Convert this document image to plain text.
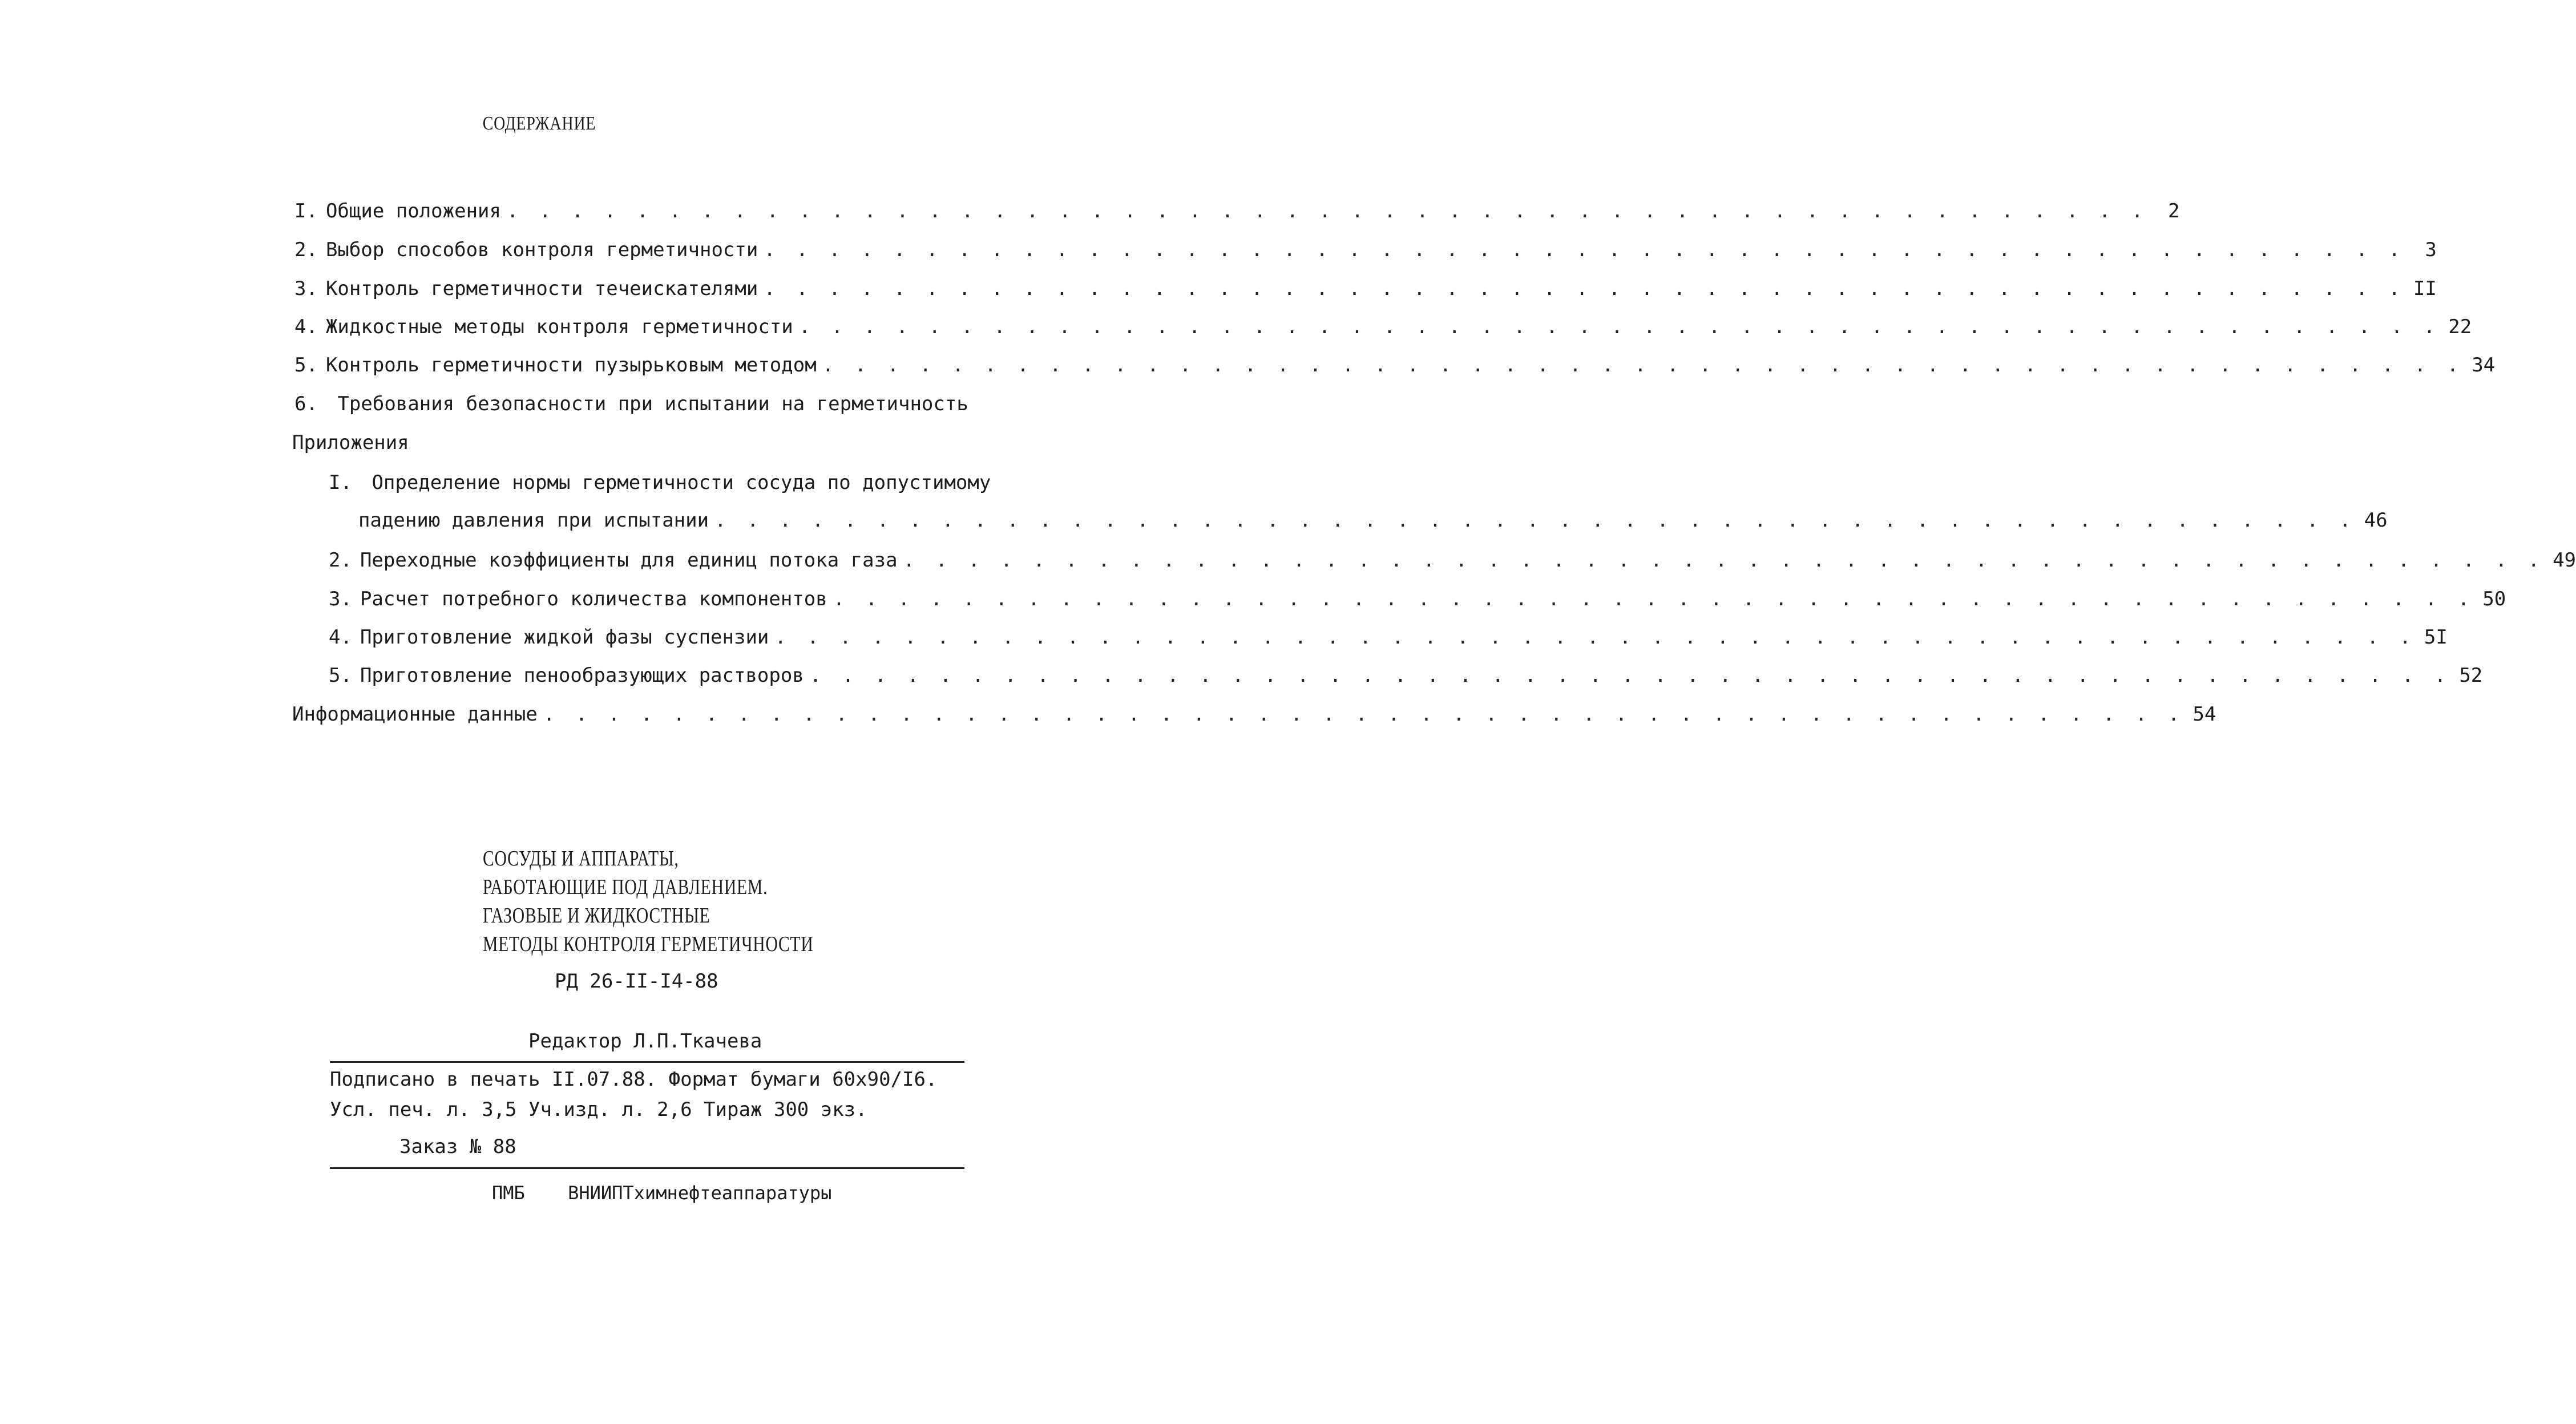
СОДЕРЖАНИЕ
I. Общие положения . . . . . . . . . . . . . . . . . . . . . . . . . . . . . . . . . . . . . . . . . . . . . . . . . . .	2
2. Выбор способов контроля герметичности . . . . . . . . . . . . . . . . . . . . . . . . . . . . . . . . . . . . . . . . . . . . . . . . . . .	3
3. Контроль герметичности течеискателями . . . . . . . . . . . . . . . . . . . . . . . . . . . . . . . . . . . . . . . . . . . . . . . . . . . II
4. Жидкостные методы контроля герметичности . . . . . . . . . . . . . . . . . . . . . . . . . . . . . . . . . . . . . . . . . . . . . . . . . . . 22
5. Контроль герметичности пузырьковым методом . . . . . . . . . . . . . . . . . . . . . . . . . . . . . . . . . . . . . . . . . . . . . . . . . . . 34
6. Требования безопасности при испытании на герметичность
Приложения
I. Определение нормы герметичности сосуда по допустимому
падению давления при испытании . . . . . . . . . . . . . . . . . . . . . . . . . . . . . . . . . . . . . . . . . . . . . . . . . . . 46
2. Переходные коэффициенты для единиц потока газа . . . . . . . . . . . . . . . . . . . . . . . . . . . . . . . . . . . . . . . . . . . . . . . . . . . 49
3. Расчет потребного количества компонентов . . . . . . . . . . . . . . . . . . . . . . . . . . . . . . . . . . . . . . . . . . . . . . . . . . . 50
4. Приготовление жидкой фазы суспензии . . . . . . . . . . . . . . . . . . . . . . . . . . . . . . . . . . . . . . . . . . . . . . . . . . . 5I
5. Приготовление пенообразующих растворов . . . . . . . . . . . . . . . . . . . . . . . . . . . . . . . . . . . . . . . . . . . . . . . . . . . 52
Информационные данные . . . . . . . . . . . . . . . . . . . . . . . . . . . . . . . . . . . . . . . . . . . . . . . . . . . 54
СОСУДЫ И АППАРАТЫ,
РАБОТАЮЩИЕ ПОД ДАВЛЕНИЕМ.
ГАЗОВЫЕ И ЖИДКОСТНЫЕ
МЕТОДЫ КОНТРОЛЯ ГЕРМЕТИЧНОСТИ
РД 26-II-I4-88
Редактор Л.П.Ткачева
Подписано в печать II.07.88. Формат бумаги 60х90/I6.
Усл. печ. л. 3,5 Уч.изд. л. 2,6 Тираж 300 экз.
Заказ № 88
ПМБ ВНИИПТхимнефтеаппаратуры
